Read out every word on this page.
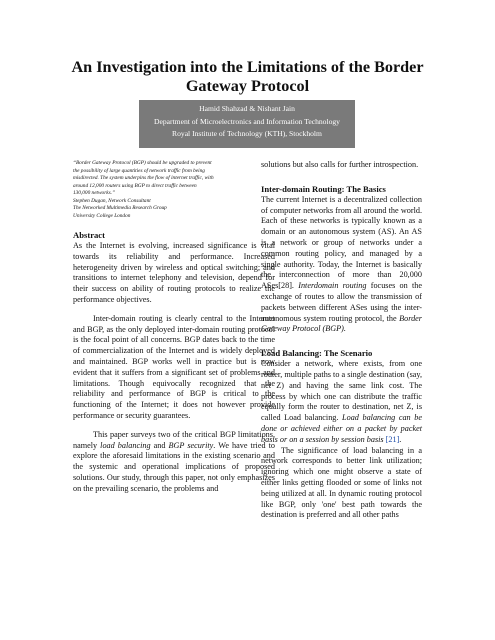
An Investigation into the Limitations of the Border Gateway Protocol
Hamid Shahzad & Nishant Jain
Department of Microelectronics and Information Technology
Royal Institute of Technology (KTH), Stockholm
“Border Gateway Protocol (BGP) should be upgraded to prevent
the possibility of large quantities of network traffic from being
misdirected. The system underpins the flow of internet traffic, with
around 12,000 routers using BGP to direct traffic between
130,000 networks.”
Stephen Dugan, Network Consultant
The Networked Multimedia Research Group
University College London
Abstract

As the Internet is evolving, increased significance is vital towards its reliability and performance. Increased heterogeneity driven by wireless and optical switching; and transitions to internet telephony and television, depend for their success on ability of routing protocols to realize the performance objectives.

Inter-domain routing is clearly central to the Internet and BGP, as the only deployed inter-domain routing protocol is the focal point of all concerns. BGP dates back to the time of commercialization of the Internet and is widely deployed and maintained. BGP works well in practice but is now evident that it suffers from a significant set of problems and limitations. Though equivocally recognized that the reliability and performance of BGP is critical to the functioning of the Internet; it does not however provide performance or security guarantees.

This paper surveys two of the critical BGP limitations, namely load balancing and BGP security. We have tried to explore the aforesaid limitations in the existing scenario and the systemic and operational implications of proposed solutions. Our study, through this paper, not only emphasizes on the prevailing scenario, the problems and

solutions but also calls for further introspection.

Inter-domain Routing: The Basics

The current Internet is a decentralized collection of computer networks from all around the world. Each of these networks is typically known as a domain or an autonomous system (AS). An AS is a network or group of networks under a common routing policy, and managed by a single authority. Today, the Internet is basically the interconnection of more than 20,000 ASes[28]. Interdomain routing focuses on the exchange of routes to allow the transmission of packets between different ASes using the inter-autonomous system routing protocol, the Border Gateway Protocol (BGP).

Load Balancing: The Scenario

Consider a network, where exists, from one router, multiple paths to a single destination (say, net Z) and having the same link cost. The process by which one can distribute the traffic equally form the router to destination, net Z, is called Load balancing. Load balancing can be done or achieved either on a packet by packet basis or on a session by session basis [21].

The significance of load balancing in a network corresponds to better link utilization; ignoring which one might observe a state of either links getting flooded or some of links not being utilized at all. In dynamic routing protocol like BGP, only 'one' best path towards the destination is preferred and all other paths
